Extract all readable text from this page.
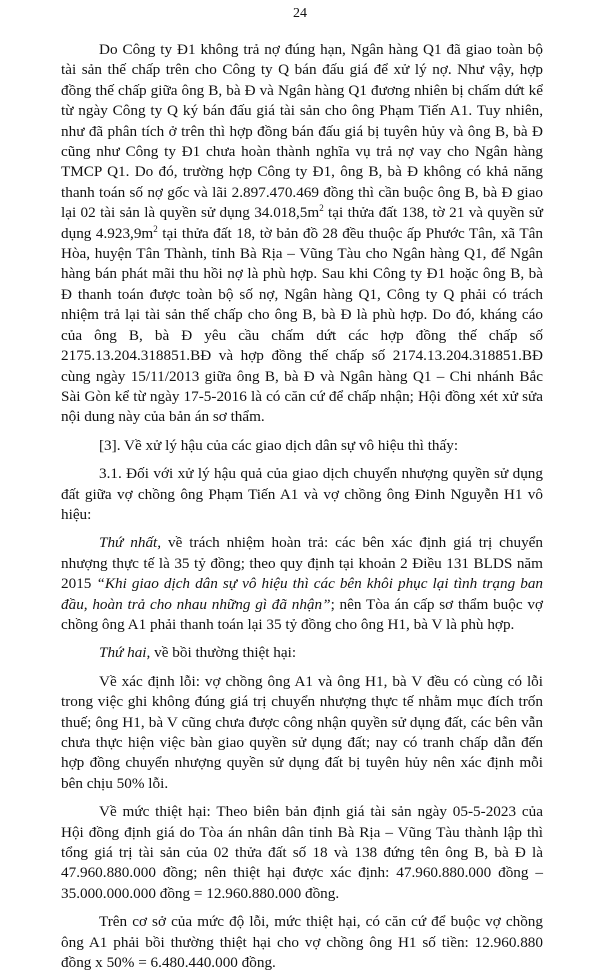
24

Do Công ty Đ1 không trả nợ đúng hạn, Ngân hàng Q1 đã giao toàn bộ tài sản thế chấp trên cho Công ty Q bán đấu giá để xử lý nợ. Như vậy, hợp đồng thế chấp giữa ông B, bà Đ và Ngân hàng Q1 đương nhiên bị chấm dứt kể từ ngày Công ty Q ký bán đấu giá tài sản cho ông Phạm Tiến A1. Tuy nhiên, như đã phân tích ở trên thì hợp đồng bán đấu giá bị tuyên hủy và ông B, bà Đ cũng như Công ty Đ1 chưa hoàn thành nghĩa vụ trả nợ vay cho Ngân hàng TMCP Q1. Do đó, trường hợp Công ty Đ1, ông B, bà Đ không có khả năng thanh toán số nợ gốc và lãi 2.897.470.469 đồng thì cần buộc ông B, bà Đ giao lại 02 tài sản là quyền sử dụng $34.018,5m^2$ tại thửa đất 138, tờ 21 và quyền sử dụng $4.923,9m^2$ tại thửa đất 18, tờ bản đồ 28 đều thuộc ấp Phước Tân, xã Tân Hòa, huyện Tân Thành, tỉnh Bà Rịa – Vũng Tàu cho Ngân hàng Q1, để Ngân hàng bán phát mãi thu hồi nợ là phù hợp. Sau khi Công ty Đ1 hoặc ông B, bà Đ thanh toán được toàn bộ số nợ, Ngân hàng Q1, Công ty Q phải có trách nhiệm trả lại tài sản thế chấp cho ông B, bà Đ là phù hợp. Do đó, kháng cáo của ông B, bà Đ yêu cầu chấm dứt các hợp đồng thế chấp số 2175.13.204.318851.BĐ và hợp đồng thế chấp số 2174.13.204.318851.BĐ cùng ngày 15/11/2013 giữa ông B, bà Đ và Ngân hàng Q1 – Chi nhánh Bắc Sài Gòn kể từ ngày 17-5-2016 là có căn cứ để chấp nhận; Hội đồng xét xử sửa nội dung này của bản án sơ thẩm.

[3]. Về xử lý hậu của các giao dịch dân sự vô hiệu thì thấy:

3.1. Đối với xử lý hậu quả của giao dịch chuyển nhượng quyền sử dụng đất giữa vợ chồng ông Phạm Tiến A1 và vợ chồng ông Đinh Nguyễn H1 vô hiệu:

Thứ nhất, về trách nhiệm hoàn trả: các bên xác định giá trị chuyển nhượng thực tế là 35 tỷ đồng; theo quy định tại khoản 2 Điều 131 BLDS năm 2015 “Khi giao dịch dân sự vô hiệu thì các bên khôi phục lại tình trạng ban đầu, hoàn trả cho nhau những gì đã nhận”; nên Tòa án cấp sơ thẩm buộc vợ chồng ông A1 phải thanh toán lại 35 tỷ đồng cho ông H1, bà V là phù hợp.

Thứ hai, về bồi thường thiệt hại:

Về xác định lỗi: vợ chồng ông A1 và ông H1, bà V đều có cùng có lỗi trong việc ghi không đúng giá trị chuyển nhượng thực tế nhằm mục đích trốn thuế; ông H1, bà V cũng chưa được công nhận quyền sử dụng đất, các bên vẫn chưa thực hiện việc bàn giao quyền sử dụng đất; nay có tranh chấp dẫn đến hợp đồng chuyển nhượng quyền sử dụng đất bị tuyên hủy nên xác định mỗi bên chịu 50% lỗi.

Về mức thiệt hại: Theo biên bản định giá tài sản ngày 05-5-2023 của Hội đồng định giá do Tòa án nhân dân tỉnh Bà Rịa – Vũng Tàu thành lập thì tổng giá trị tài sản của 02 thửa đất số 18 và 138 đứng tên ông B, bà Đ là 47.960.880.000 đồng; nên thiệt hại được xác định: 47.960.880.000 đồng – 35.000.000.000 đồng = 12.960.880.000 đồng.

Trên cơ sở của mức độ lỗi, mức thiệt hại, có căn cứ để buộc vợ chồng ông A1 phải bồi thường thiệt hại cho vợ chồng ông H1 số tiền: 12.960.880 đồng x 50% = 6.480.440.000 đồng.
